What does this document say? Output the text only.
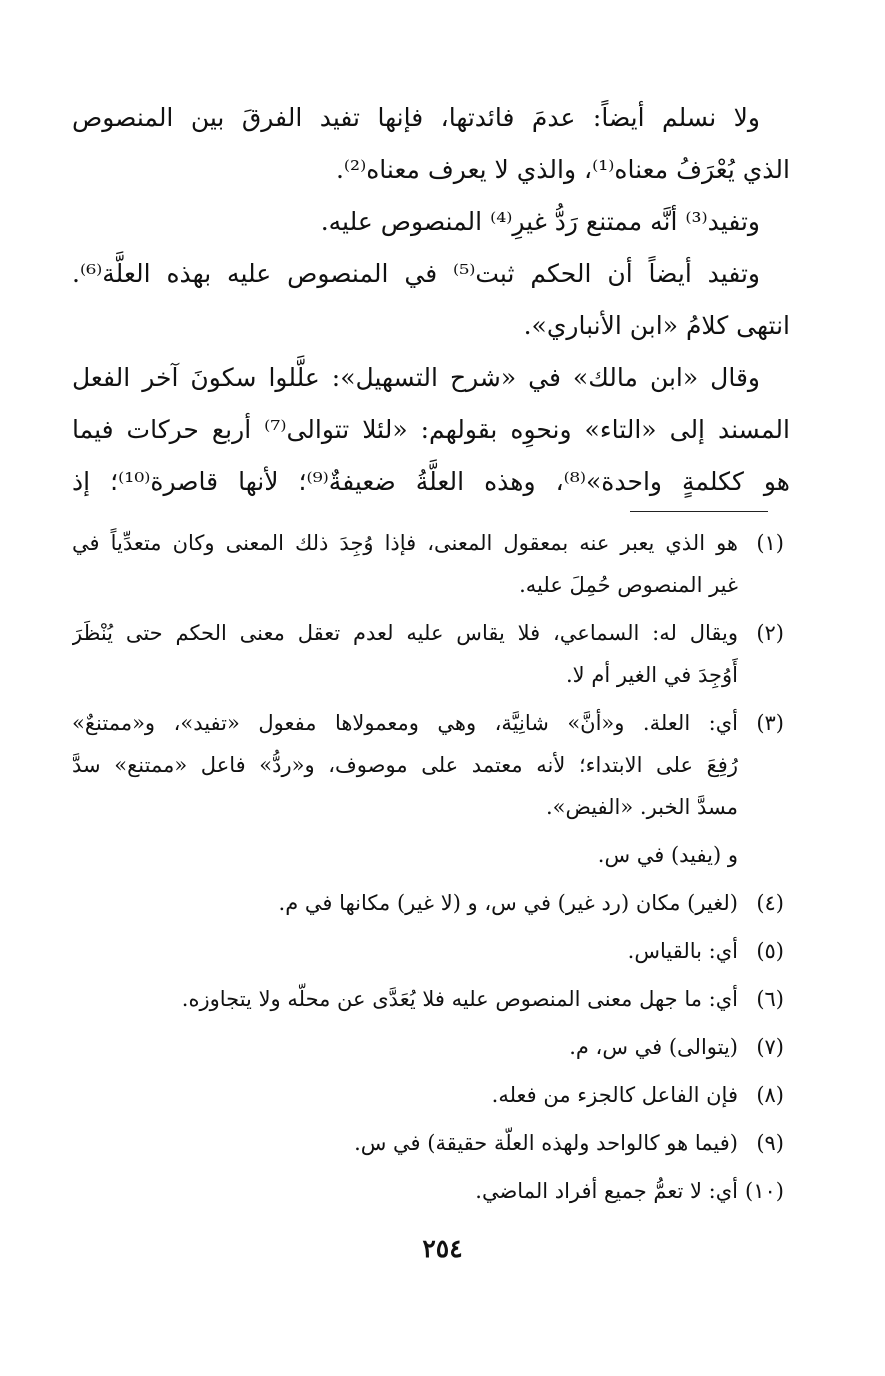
ولا نسلم أيضاً: عدمَ فائدتها، فإنها تفيد الفرقَ بين المنصوص
الذي يُعْرَفُ معناه⁽¹⁾، والذي لا يعرف معناه⁽²⁾.
وتفيد⁽³⁾ أنَّه ممتنع رَدُّ غيرِ⁽⁴⁾ المنصوص عليه.
وتفيد أيضاً أن الحكم ثبت⁽⁵⁾ في المنصوص عليه بهذه العلَّة⁽⁶⁾.
انتهى كلامُ «ابن الأنباري».
وقال «ابن مالك» في «شرح التسهيل»: علَّلوا سكونَ آخر الفعل
المسند إلى «التاء» ونحوِه بقولهم: «لئلا تتوالى⁽⁷⁾ أربع حركات فيما
هو ككلمةٍ واحدة»⁽⁸⁾، وهذه العلَّةُ ضعيفةٌ⁽⁹⁾؛ لأنها قاصرة⁽¹⁰⁾؛ إذ
(١)
هو الذي يعبر عنه بمعقول المعنى، فإذا وُجِدَ ذلك المعنى وكان متعدِّياً في
غير المنصوص حُمِلَ عليه.
(٢)
ويقال له: السماعي، فلا يقاس عليه لعدم تعقل معنى الحكم حتى يُنْظَرَ
أَوُجِدَ في الغير أم لا.
(٣)
أي: العلة. و«أنَّ» شانِيَّة، وهي ومعمولاها مفعول «تفيد»، و«ممتنعٌ»
رُفِعَ على الابتداء؛ لأنه معتمد على موصوف، و«ردُّ» فاعل «ممتنع» سدَّ
مسدَّ الخبر. «الفيض».
و (يفيد) في س.
(٤)
(لغير) مكان (رد غير) في س، و (لا غير) مكانها في م.
(٥)
أي: بالقياس.
(٦)
أي: ما جهل معنى المنصوص عليه فلا يُعَدَّى عن محلّه ولا يتجاوزه.
(٧)
(يتوالى) في س، م.
(٨)
فإن الفاعل كالجزء من فعله.
(٩)
(فيما هو كالواحد ولهذه العلّة حقيقة) في س.
(١٠)
أي: لا تعمُّ جميع أفراد الماضي.
٢٥٤
